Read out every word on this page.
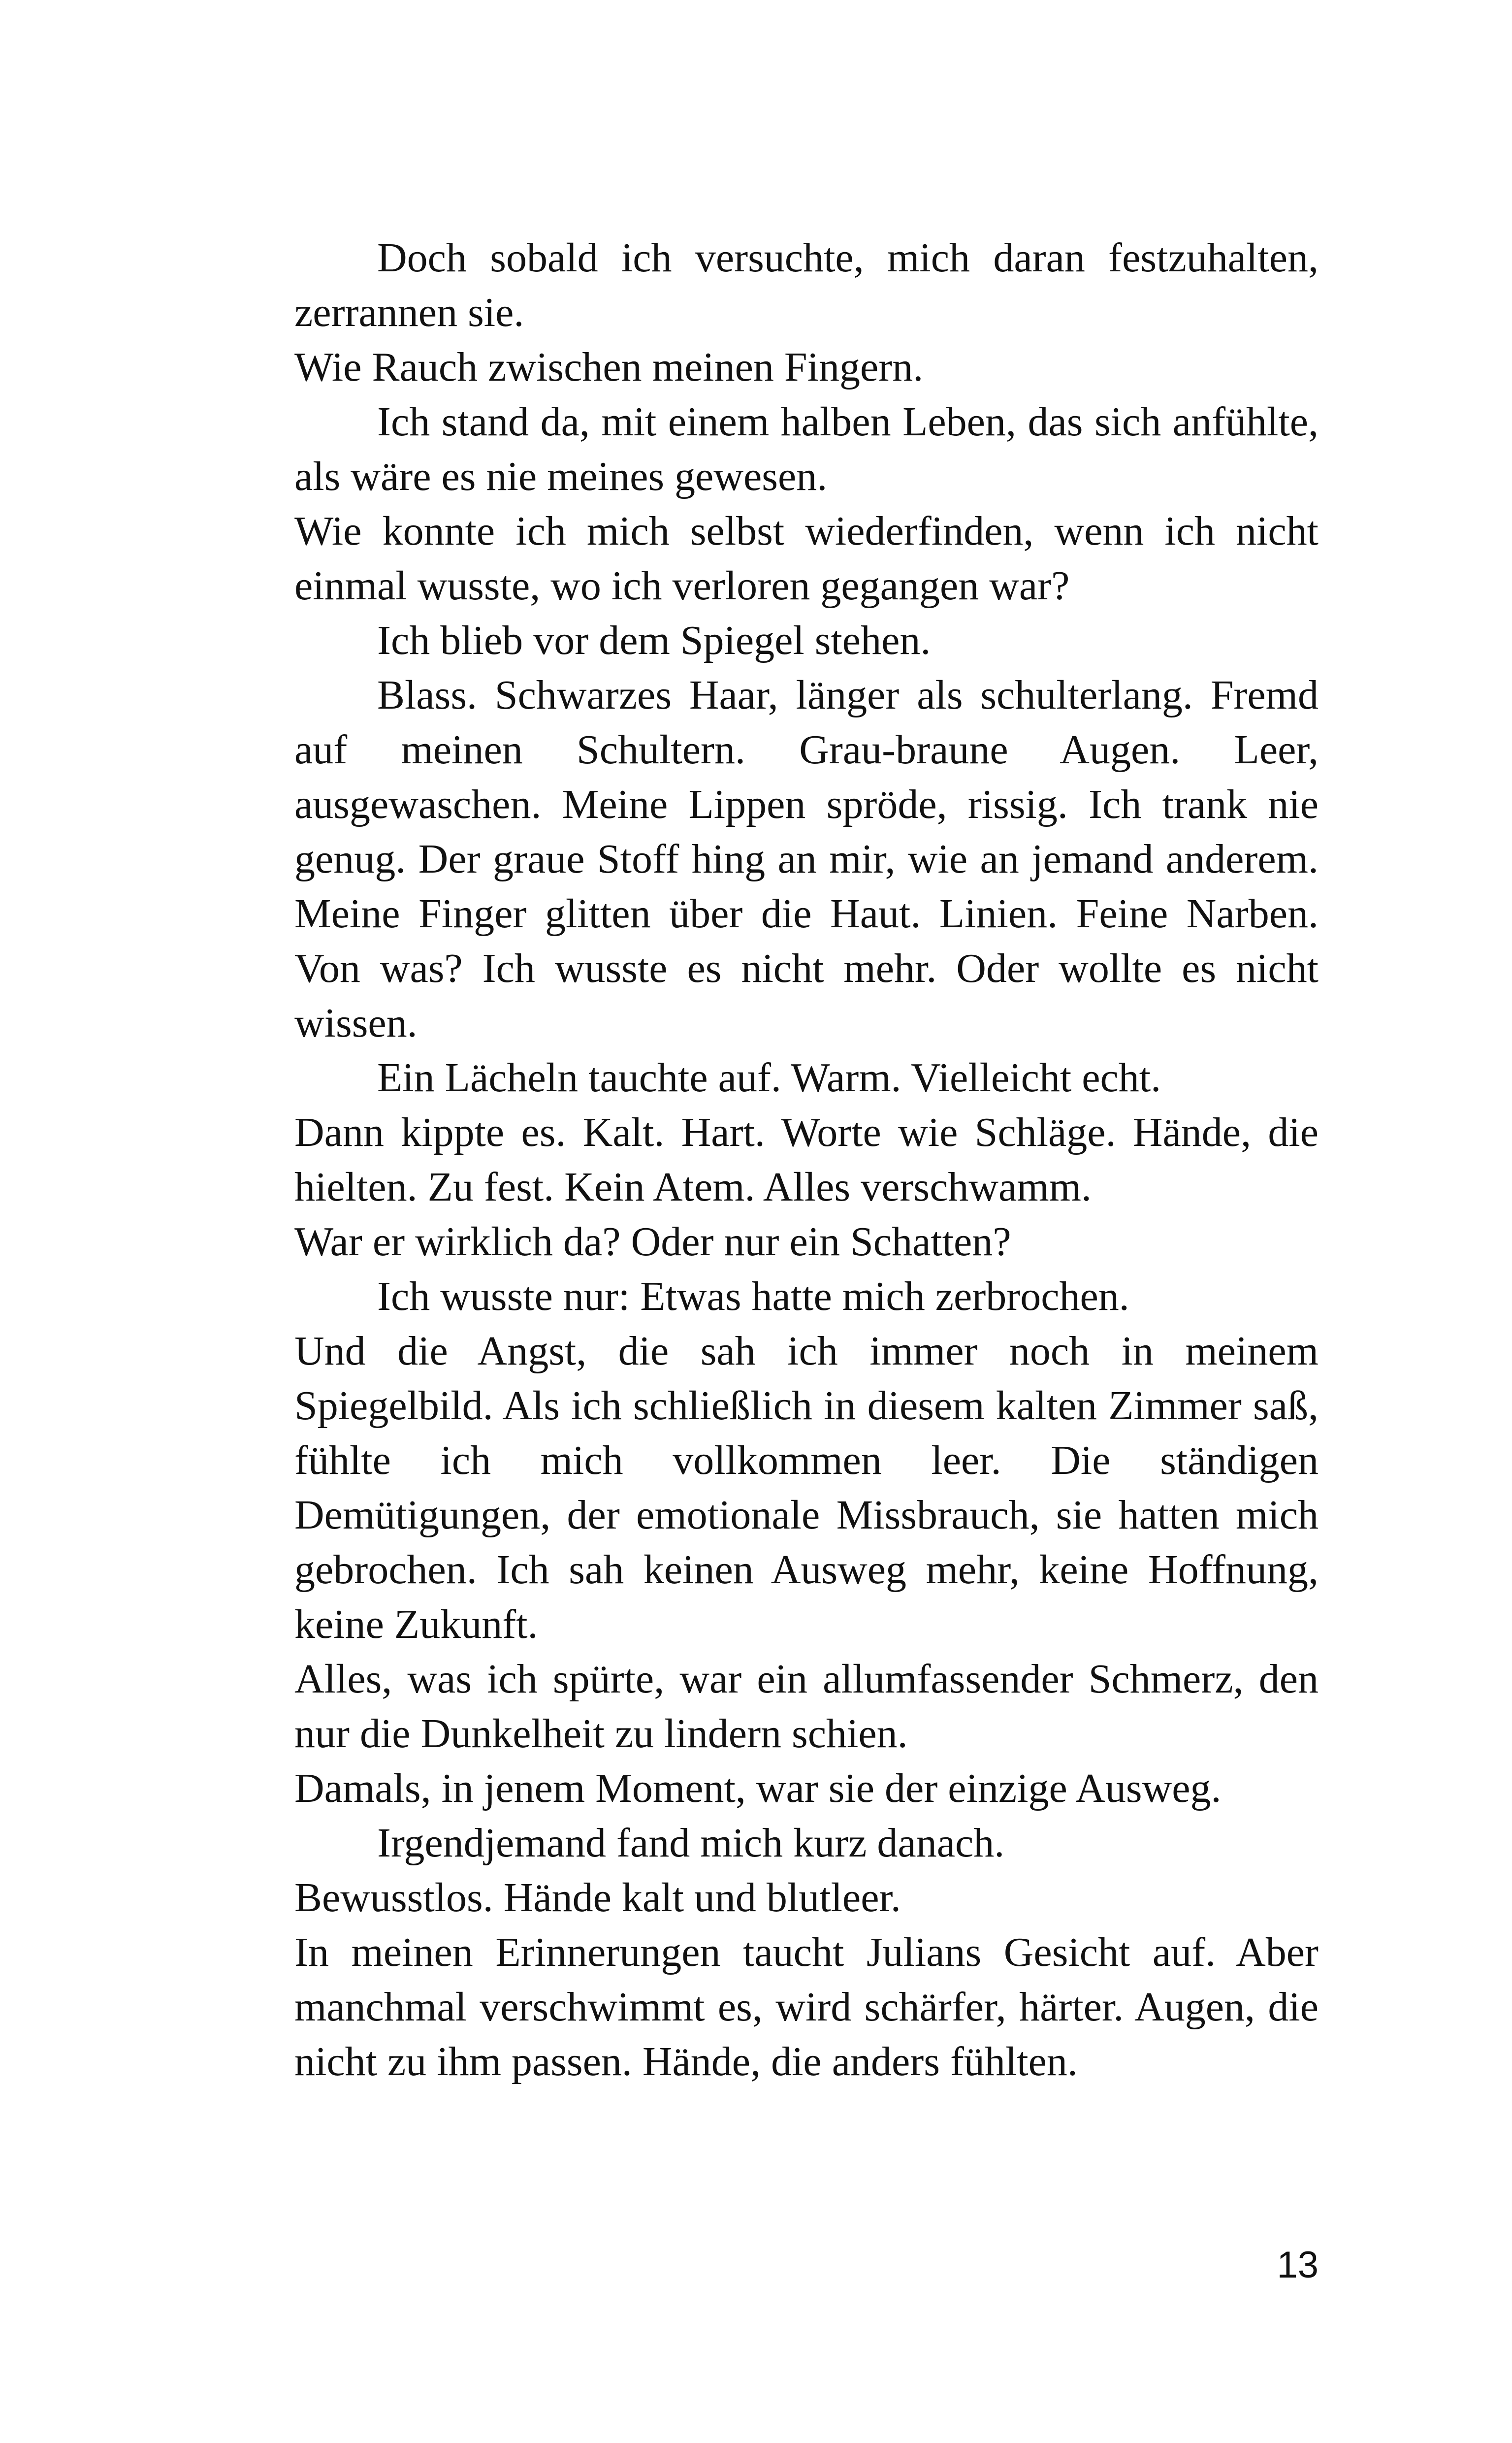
Doch sobald ich versuchte, mich daran festzuhalten, zerrannen sie.

Wie Rauch zwischen meinen Fingern.

Ich stand da, mit einem halben Leben, das sich anfühlte, als wäre es nie meines gewesen.

Wie konnte ich mich selbst wiederfinden, wenn ich nicht einmal wusste, wo ich verloren gegangen war?

Ich blieb vor dem Spiegel stehen.

Blass. Schwarzes Haar, länger als schulterlang. Fremd auf meinen Schultern. Grau-braune Augen. Leer, ausgewaschen. Meine Lippen spröde, rissig. Ich trank nie genug. Der graue Stoff hing an mir, wie an jemand anderem. Meine Finger glitten über die Haut. Linien. Feine Narben. Von was? Ich wusste es nicht mehr. Oder wollte es nicht wissen.

Ein Lächeln tauchte auf. Warm. Vielleicht echt.

Dann kippte es. Kalt. Hart. Worte wie Schläge. Hände, die hielten. Zu fest. Kein Atem. Alles verschwamm.

War er wirklich da? Oder nur ein Schatten?

Ich wusste nur: Etwas hatte mich zerbrochen.

Und die Angst, die sah ich immer noch in meinem Spiegelbild. Als ich schließlich in diesem kalten Zimmer saß, fühlte ich mich vollkommen leer. Die ständigen Demütigungen, der emotionale Missbrauch, sie hatten mich gebrochen. Ich sah keinen Ausweg mehr, keine Hoffnung, keine Zukunft.

Alles, was ich spürte, war ein allumfassender Schmerz, den nur die Dunkelheit zu lindern schien.

Damals, in jenem Moment, war sie der einzige Ausweg.

Irgendjemand fand mich kurz danach.

Bewusstlos. Hände kalt und blutleer.

In meinen Erinnerungen taucht Julians Gesicht auf. Aber manchmal verschwimmt es, wird schärfer, härter. Augen, die nicht zu ihm passen. Hände, die anders fühlten.

13
